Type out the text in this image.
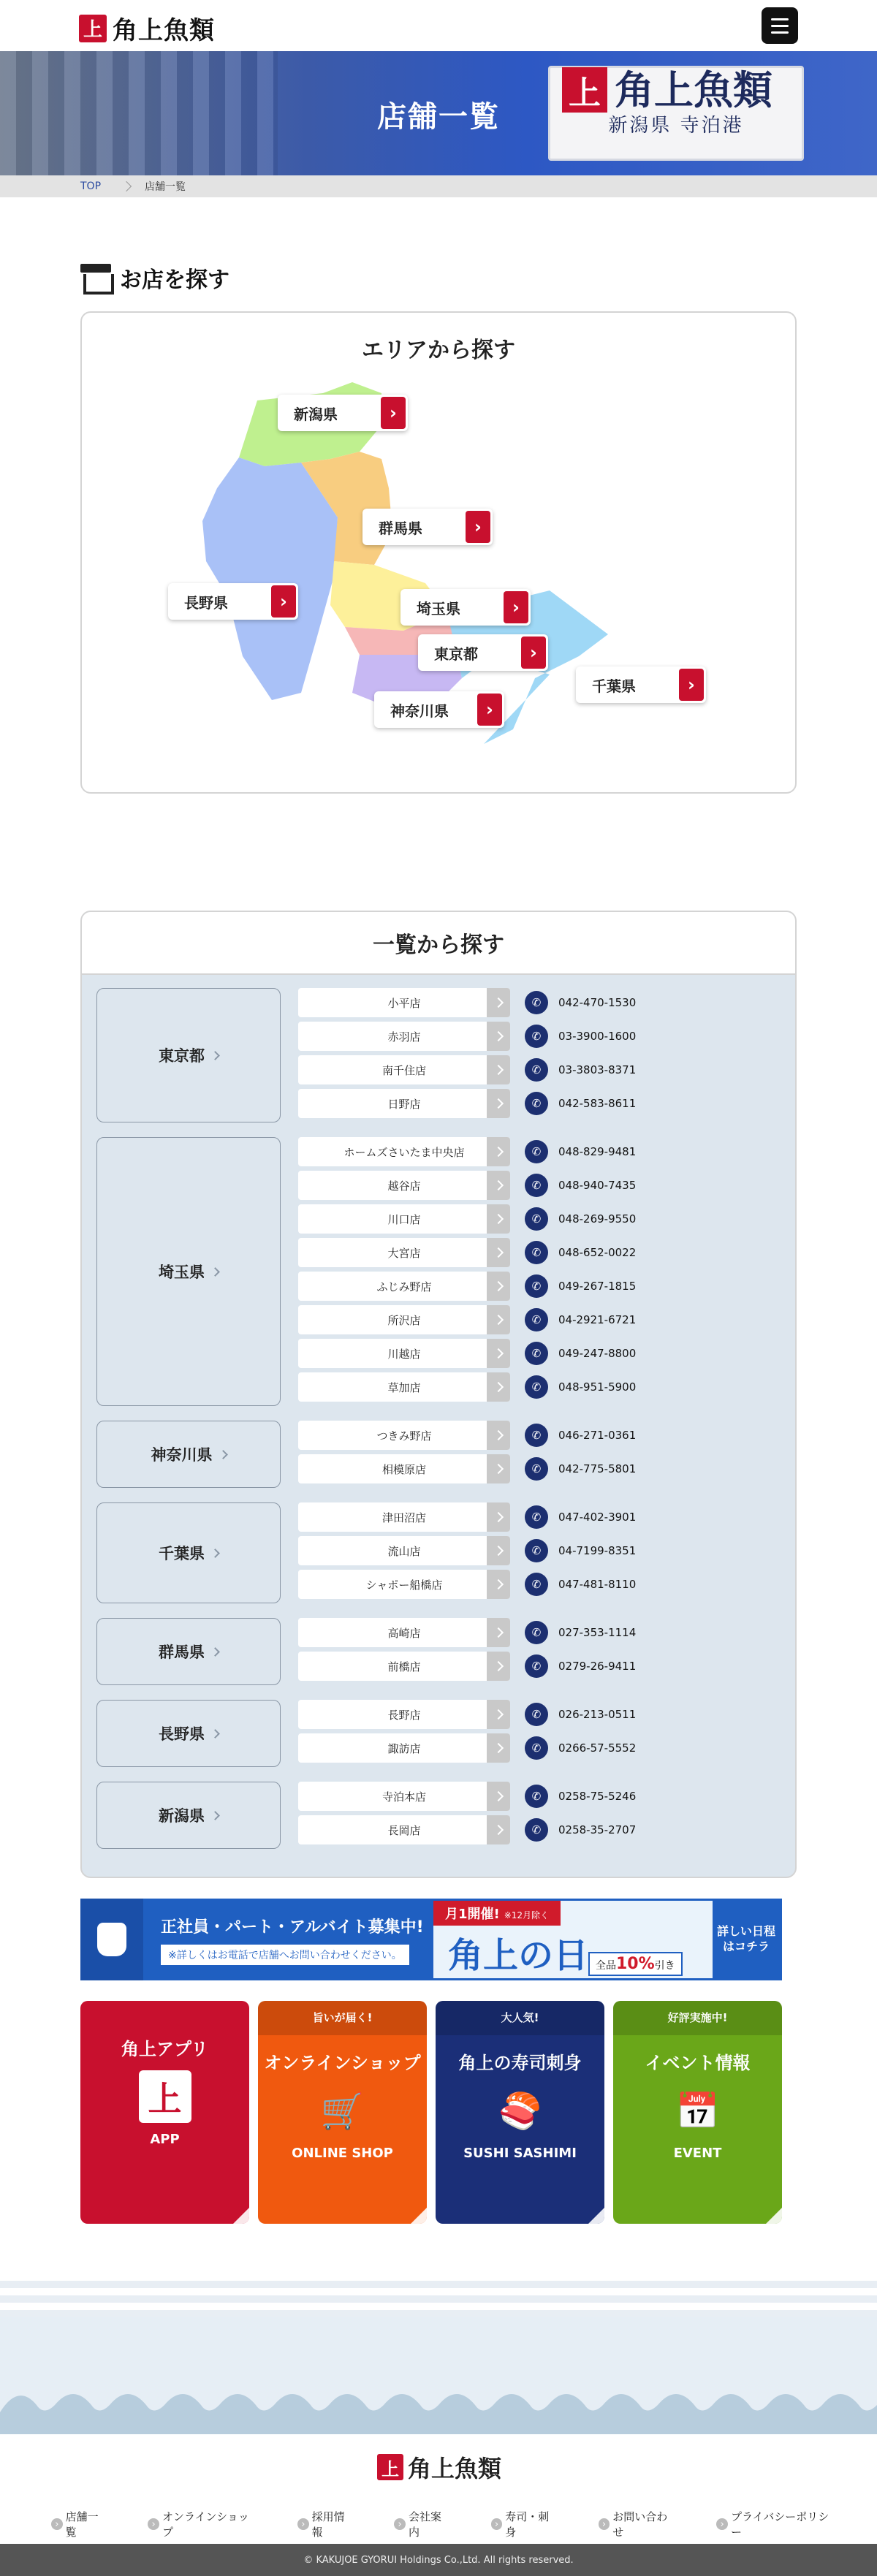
上 角上魚類
上 角上魚類
新潟県 寺泊港
店舗一覧
TOP	店舗一覧
お店を探す
エリアから探す
新潟県	›
群馬県	›
長野県	›	埼玉県	›
東京都	›
神奈川県	›
千葉県	›
一覧から探す
東京都
小平店	✆	042-470-1530
赤羽店	✆	03-3900-1600
南千住店	✆	03-3803-8371
日野店	✆	042-583-8611
埼玉県
ホームズさいたま中央店	✆	048-829-9481
越谷店	✆	048-940-7435
川口店	✆	048-269-9550
大宮店	✆	048-652-0022
ふじみ野店	✆	049-267-1815
所沢店	✆	04-2921-6721
川越店	✆	049-247-8800
草加店	✆	048-951-5900
神奈川県
つきみ野店	✆	046-271-0361
相模原店	✆	042-775-5801
千葉県
津田沼店	✆	047-402-3901
流山店	✆	04-7199-8351
シャポー船橋店	✆	047-481-8110
群馬県
高崎店	✆	027-353-1114
前橋店	✆	0279-26-9411
長野県
長野店	✆	026-213-0511
諏訪店	✆	0266-57-5552
新潟県
寺泊本店	✆	0258-75-5246
長岡店	✆	0258-35-2707
正社員・パート・アルバイト募集中!
※詳しくはお電話で店舗へお問い合わせください。
月1開催! ※12月除く
角上の日 全品10%引き
詳しい日程はコチラ
角上アプリ
上
APP
旨いが届く!
オンラインショップ
🛒
ONLINE SHOP
大人気!
角上の寿司刺身
🍣
SUSHI SASHIMI
好評実施中!
イベント情報
📅
EVENT
上 角上魚類
› 店舗一覧
› オンラインショップ
› 採用情報
› 会社案内
› 寿司・刺身
› お問い合わせ
› プライバシーポリシー
© KAKUJOE GYORUI Holdings Co.,Ltd. All rights reserved.
